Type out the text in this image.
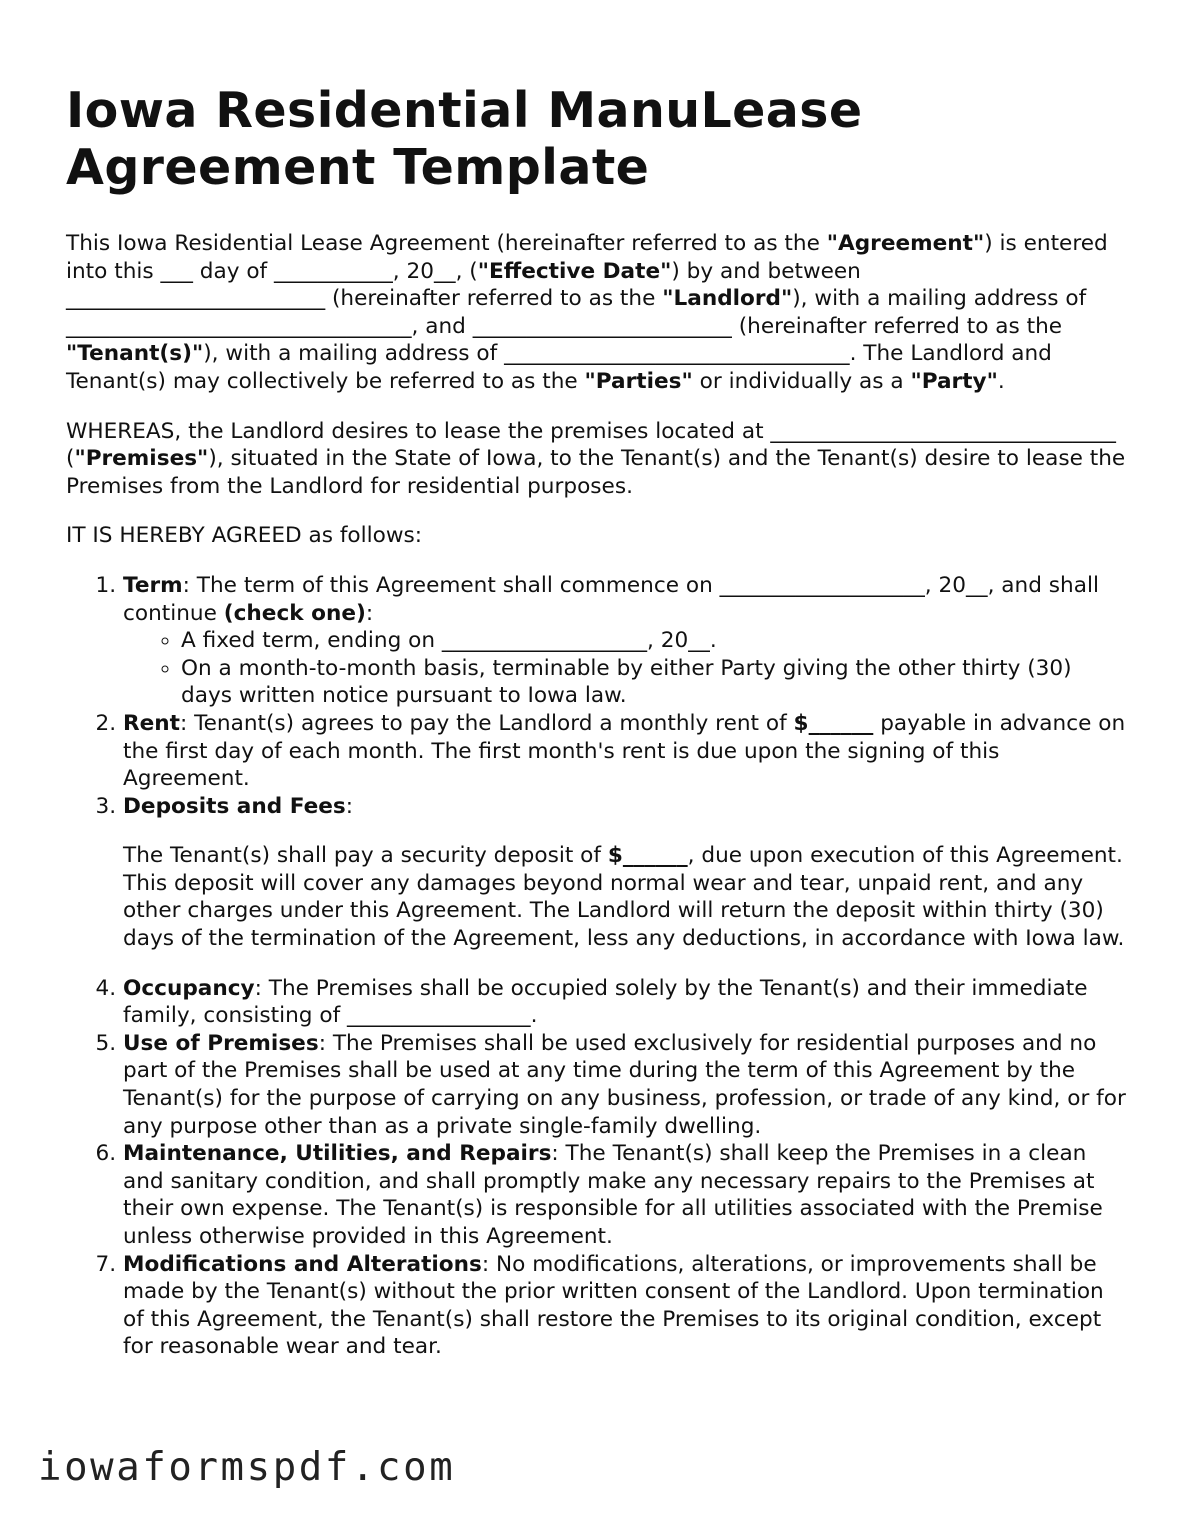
Iowa Residential ManuLease Agreement Template

This Iowa Residential Lease Agreement (hereinafter referred to as the "Agreement") is entered into this ___ day of ___________, 20__, ("Effective Date") by and between ________________________ (hereinafter referred to as the "Landlord"), with a mailing address of ________________________________, and ________________________ (hereinafter referred to as the "Tenant(s)"), with a mailing address of ________________________________. The Landlord and Tenant(s) may collectively be referred to as the "Parties" or individually as a "Party".

WHEREAS, the Landlord desires to lease the premises located at ________________________________ ("Premises"), situated in the State of Iowa, to the Tenant(s) and the Tenant(s) desire to lease the Premises from the Landlord for residential purposes.

IT IS HEREBY AGREED as follows:

1. Term: The term of this Agreement shall commence on ___________________, 20__, and shall continue (check one):
◦ A fixed term, ending on ___________________, 20__.
◦ On a month-to-month basis, terminable by either Party giving the other thirty (30) days written notice pursuant to Iowa law.
2. Rent: Tenant(s) agrees to pay the Landlord a monthly rent of $______ payable in advance on the first day of each month. The first month's rent is due upon the signing of this Agreement.
3. Deposits and Fees:

The Tenant(s) shall pay a security deposit of $______, due upon execution of this Agreement. This deposit will cover any damages beyond normal wear and tear, unpaid rent, and any other charges under this Agreement. The Landlord will return the deposit within thirty (30) days of the termination of the Agreement, less any deductions, in accordance with Iowa law.

4. Occupancy: The Premises shall be occupied solely by the Tenant(s) and their immediate family, consisting of _________________.
5. Use of Premises: The Premises shall be used exclusively for residential purposes and no part of the Premises shall be used at any time during the term of this Agreement by the Tenant(s) for the purpose of carrying on any business, profession, or trade of any kind, or for any purpose other than as a private single-family dwelling.
6. Maintenance, Utilities, and Repairs: The Tenant(s) shall keep the Premises in a clean and sanitary condition, and shall promptly make any necessary repairs to the Premises at their own expense. The Tenant(s) is responsible for all utilities associated with the Premise unless otherwise provided in this Agreement.
7. Modifications and Alterations: No modifications, alterations, or improvements shall be made by the Tenant(s) without the prior written consent of the Landlord. Upon termination of this Agreement, the Tenant(s) shall restore the Premises to its original condition, except for reasonable wear and tear.
iowaformspdf.com
